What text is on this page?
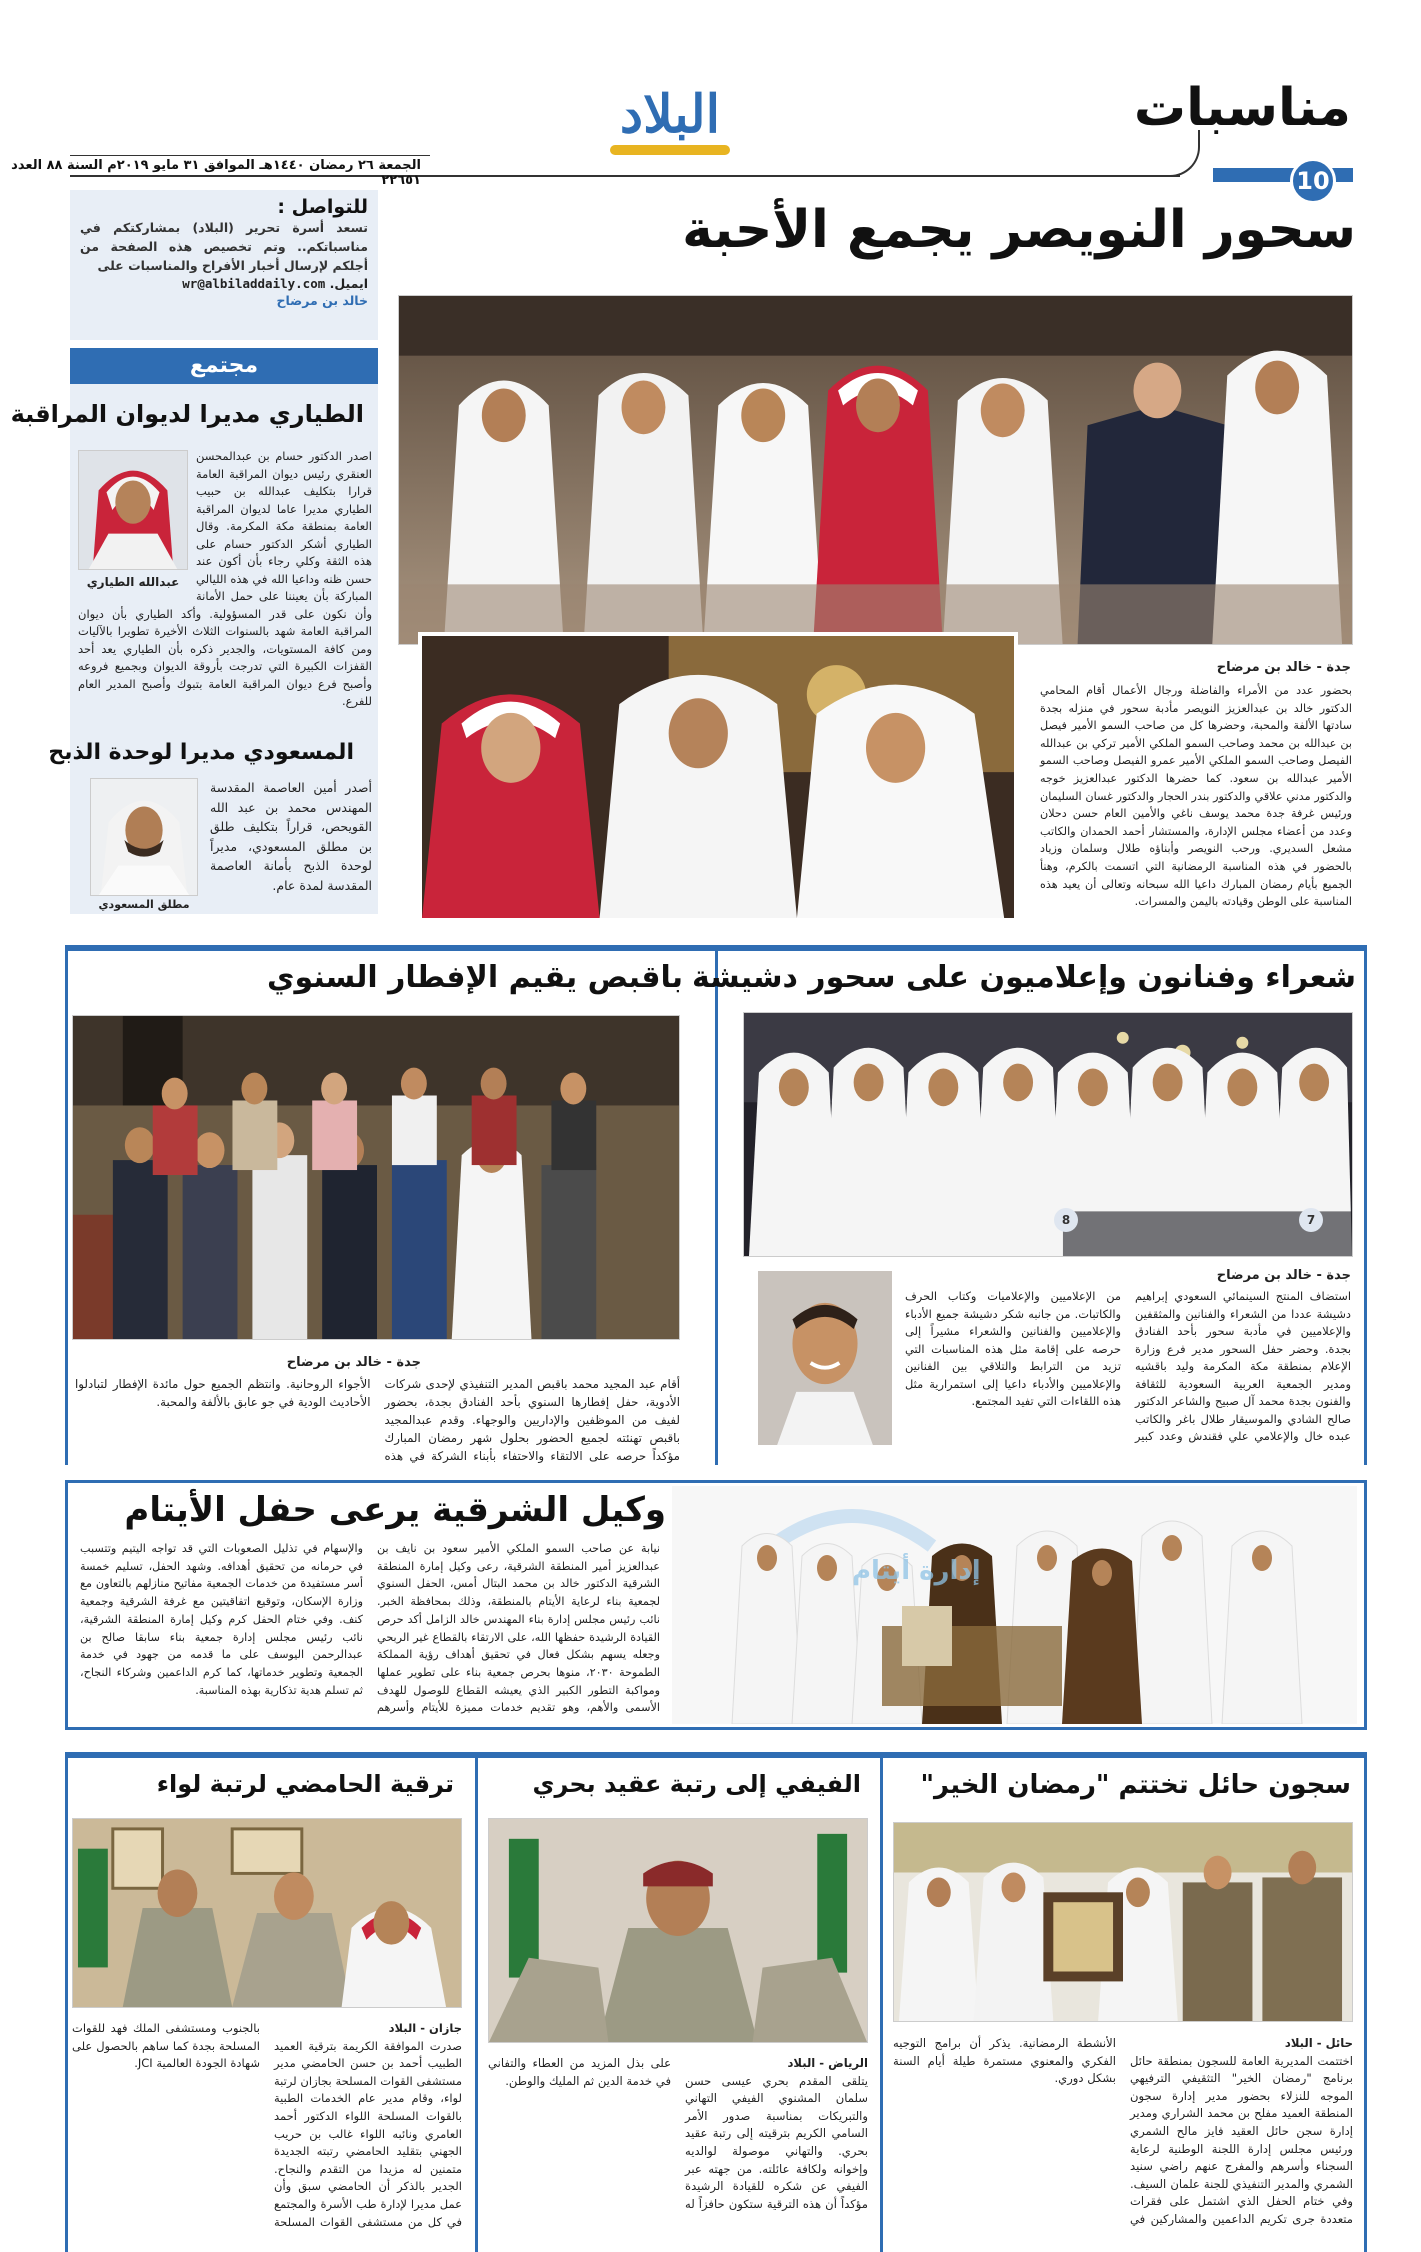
مناسبات
10
البلاد
الجمعة ٢٦ رمضان ١٤٤٠هـ الموافق ٣١ مايو ٢٠١٩م السنة ٨٨ العدد ٢٢٦٥١
للتواصل :
تسعد أسرة تحرير (البلاد) بمشاركتكم في مناسباتكم.. وتم تخصيص هذه الصفحة من أجلكم لإرسال أخبار الأفراح والمناسبات على
ايميل. wr@albiladdaily.com
خالد بن مرضاح
مجتمع
الطياري مديرا لديوان المراقبة
عبدالله الطياري
اصدر الدكتور حسام بن عبدالمحسن العنقري رئيس ديوان المراقبة العامة قرارا بتكليف عبدالله بن حبيب الطياري مديرا عاما لديوان المراقبة العامة بمنطقة مكة المكرمة. وقال الطياري أشكر الدكتور حسام على هذه الثقة وكلي رجاء بأن أكون عند حسن ظنه وداعيا الله في هذه الليالي المباركة بأن يعيننا على حمل الأمانة وأن نكون على قدر المسؤولية. وأكد الطياري بأن ديوان المراقبة العامة شهد بالسنوات الثلاث الأخيرة تطويرا بالآليات ومن كافة المستويات، والجدير ذكره بأن الطياري يعد أحد القفزات الكبيرة التي تدرجت بأروقة الديوان وبجميع فروعه وأصبح فرع ديوان المراقبة العامة بتبوك وأصبح المدير العام للفرع.
المسعودي مديرا لوحدة الذبح
مطلق المسعودي
أصدر أمين العاصمة المقدسة المهندس محمد بن عبد الله القويحص، قراراً بتكليف طلق بن مطلق المسعودي، مديراً لوحدة الذبح بأمانة العاصمة المقدسة لمدة عام.
سحور النويصر يجمع الأحبة
جدة - خالد بن مرضاح
بحضور عدد من الأمراء والفاضلة ورجال الأعمال أقام المحامي الدكتور خالد بن عبدالعزيز النويصر مأدبة سحور في منزله بجدة سادتها الألفة والمحبة، وحضرها كل من صاحب السمو الأمير فيصل بن عبدالله بن محمد وصاحب السمو الملكي الأمير تركي بن عبدالله الفيصل وصاحب السمو الملكي الأمير عمرو الفيصل وصاحب السمو الأمير عبدالله بن سعود. كما حضرها الدكتور عبدالعزيز خوجه والدكتور مدني علاقي والدكتور بندر الحجار والدكتور غسان السليمان ورئيس غرفة جدة محمد يوسف ناغي والأمين العام حسن دحلان وعدد من أعضاء مجلس الإدارة، والمستشار أحمد الحمدان والكاتب مشعل السديري. ورحب النويصر وأبناؤه طلال وسلمان وزياد بالحضور في هذه المناسبة الرمضانية التي اتسمت بالكرم، وهنأ الجميع بأيام رمضان المبارك داعيا الله سبحانه وتعالى أن يعيد هذه المناسبة على الوطن وقيادته باليمن والمسرات.
شعراء وفنانون وإعلاميون على سحور دشيشة
8	7
جدة - خالد بن مرضاح
استضاف المنتج السينمائي السعودي إبراهيم دشيشة عددا من الشعراء والفنانين والمثقفين والإعلاميين في مأدبة سحور بأحد الفنادق بجدة. وحضر حفل السحور مدير فرع وزارة الإعلام بمنطقة مكة المكرمة وليد باقشيه ومدير الجمعية العربية السعودية للثقافة والفنون بجدة محمد آل صبيح والشاعر الدكتور صالح الشادي والموسيقار طلال باغر والكاتب عبده خال والإعلامي علي فقندش وعدد كبير من الإعلاميين والإعلاميات وكتاب الحرف والكاتبات. من جانبه شكر دشيشة جميع الأدباء والإعلاميين والفنانين والشعراء مشيراً إلى حرصه على إقامة مثل هذه المناسبات التي تزيد من الترابط والتلاقي بين الفنانين والإعلاميين والأدباء داعيا إلى استمرارية مثل هذه اللقاءات التي تفيد المجتمع.
باقبص يقيم الإفطار السنوي
جدة - خالد بن مرضاح
أقام عبد المجيد محمد باقبص المدير التنفيذي لإحدى شركات الأدوية، حفل إفطارها السنوي بأحد الفنادق بجدة، بحضور لفيف من الموظفين والإداريين والوجهاء. وقدم عبدالمجيد باقبص تهنئته لجميع الحضور بحلول شهر رمضان المبارك مؤكداً حرصه على الالتقاء والاحتفاء بأبناء الشركة في هذه الأجواء الروحانية. وانتظم الجميع حول مائدة الإفطار لتبادلوا الأحاديث الودية في جو عابق بالألفة والمحبة.
وكيل الشرقية يرعى حفل الأيتام
نيابة عن صاحب السمو الملكي الأمير سعود بن نايف بن عبدالعزيز أمير المنطقة الشرقية، رعى وكيل إمارة المنطقة الشرقية الدكتور خالد بن محمد البتال أمس، الحفل السنوي لجمعية بناء لرعاية الأيتام بالمنطقة، وذلك بمحافظة الخبر. نائب رئيس مجلس إدارة بناء المهندس خالد الزامل أكد حرص القيادة الرشيدة حفظها الله، على الارتقاء بالقطاع غير الربحي وجعله يسهم بشكل فعال في تحقيق أهداف رؤية المملكة الطموحة ٢٠٣٠، منوها بحرص جمعية بناء على تطوير عملها ومواكبة التطور الكبير الذي يعيشه القطاع للوصول للهدف الأسمى والأهم، وهو تقديم خدمات مميزة للأيتام وأسرهم والإسهام في تذليل الصعوبات التي قد تواجه اليتيم وتتسبب في حرمانه من تحقيق أهدافه. وشهد الحفل، تسليم خمسة أسر مستفيدة من خدمات الجمعية مفاتيح منازلهم بالتعاون مع وزارة الإسكان، وتوقيع اتفاقيتين مع غرفة الشرقية وجمعية كنف. وفي ختام الحفل كرم وكيل إمارة المنطقة الشرقية، نائب رئيس مجلس إدارة جمعية بناء سابقا صالح بن عبدالرحمن اليوسف على ما قدمه من جهود في خدمة الجمعية وتطوير خدماتها، كما كرم الداعمين وشركاء النجاح، ثم تسلم هدية تذكارية بهذه المناسبة.
إدارة أيتام
سجون حائل تختتم "رمضان الخير"
حائل - البلاد
اختتمت المديرية العامة للسجون بمنطقة حائل برنامج "رمضان الخير" التثقيفي الترفيهي الموجه للنزلاء بحضور مدير إدارة سجون المنطقة العميد مفلح بن محمد الشراري ومدير إدارة سجن حائل العقيد فايز مالح الشمري ورئيس مجلس إدارة اللجنة الوطنية لرعاية السجناء وأسرهم والمفرج عنهم راضي سنيد الشمري والمدير التنفيذي للجنة علمان السيف. وفي ختام الحفل الذي اشتمل على فقرات متعددة جرى تكريم الداعمين والمشاركين في الأنشطة الرمضانية. يذكر أن برامج التوجيه الفكري والمعنوي مستمرة طيلة أيام السنة بشكل دوري.
الفيفي إلى رتبة عقيد بحري
الرياض - البلاد
يتلقى المقدم بحري عيسى حسن سلمان المشنوي الفيفي التهاني والتبريكات بمناسبة صدور الأمر السامي الكريم بترقيته إلى رتبة عقيد بحري. والتهاني موصولة لوالديه وإخوانه ولكافة عائلته. من جهته عبر الفيفي عن شكره للقيادة الرشيدة مؤكداً أن هذه الترقية ستكون حافزاً له على بذل المزيد من العطاء والتفاني في خدمة الدين ثم المليك والوطن.
ترقية الحامضي لرتبة لواء
جازان - البلاد
صدرت الموافقة الكريمة بترقية العميد الطبيب أحمد بن حسن الحامضي مدير مستشفى القوات المسلحة بجازان لرتبة لواء، وقام مدير عام الخدمات الطبية بالقوات المسلحة اللواء الدكتور أحمد العامري ونائبه اللواء غالب بن حريب الجهني بتقليد الحامضي رتبته الجديدة متمنين له مزيدا من التقدم والنجاح. الجدير بالذكر أن الحامضي سبق وأن عمل مديرا لإدارة طب الأسرة والمجتمع في كل من مستشفى القوات المسلحة بالجنوب ومستشفى الملك فهد للقوات المسلحة بجدة كما ساهم بالحصول على شهادة الجودة العالمية JCI.
